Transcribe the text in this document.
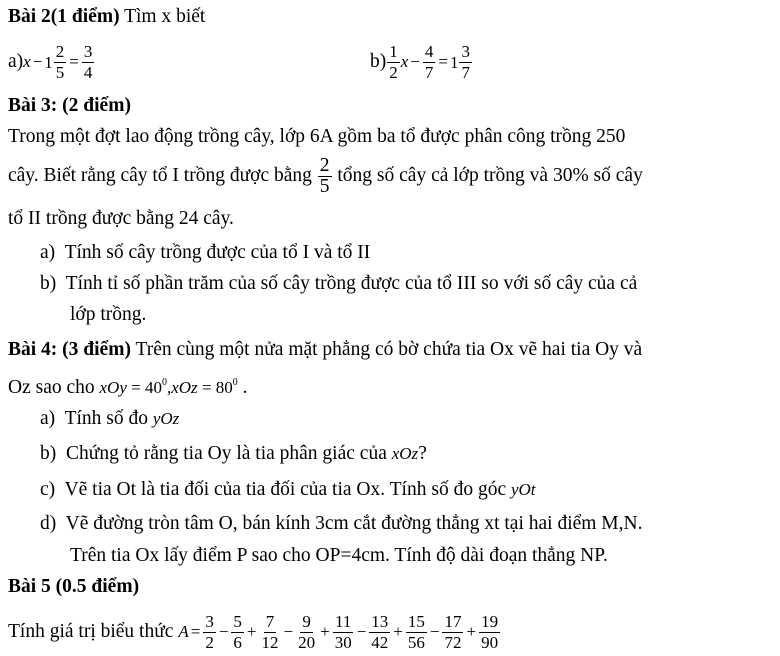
Bài 2(1 điểm) Tìm x biết
$a)x - 1 \frac{2}{5} = \frac{3}{4}$	$b) \frac{1}{2}$ $x - \frac{4}{7} = 1 \frac{3}{7}$
Bài 3: (2 điểm)
Trong một đợt lao động trồng cây, lớp 6A gồm ba tổ được phân công trồng 250
cây. Biết rằng cây tổ I trồng được bằng $\frac{2}{5}$ tổng số cây cả lớp trồng và 30% số cây
tổ II trồng được bằng 24 cây.
a) Tính số cây trồng được của tổ I và tổ II
b) Tính tỉ số phần trăm của số cây trồng được của tổ III so với số cây của cả
lớp trồng.
Bài 4: (3 điểm) Trên cùng một nửa mặt phẳng có bờ chứa tia Ox vẽ hai tia Oy và
Oz sao cho xOy = $40^0,xOz = 80^0$ .
a) Tính số đo yOz
b) Chứng tỏ rằng tia Oy là tia phân giác của xOz?
c) Vẽ tia Ot là tia đối của tia đối của tia Ox. Tính số đo góc yOt
d) Vẽ đường tròn tâm O, bán kính 3cm cắt đường thẳng xt tại hai điểm M,N.
Trên tia Ox lấy điểm P sao cho OP=4cm. Tính độ dài đoạn thẳng NP.
Bài 5 (0.5 điểm)
Tính giá trị biểu thức $A = \frac{3}{2} - \frac{5}{6} + \frac{7}{12} - \frac{9}{20} + \frac{11}{30} - \frac{13}{42} + \frac{15}{56} - \frac{17}{72} + \frac{19}{90}$
